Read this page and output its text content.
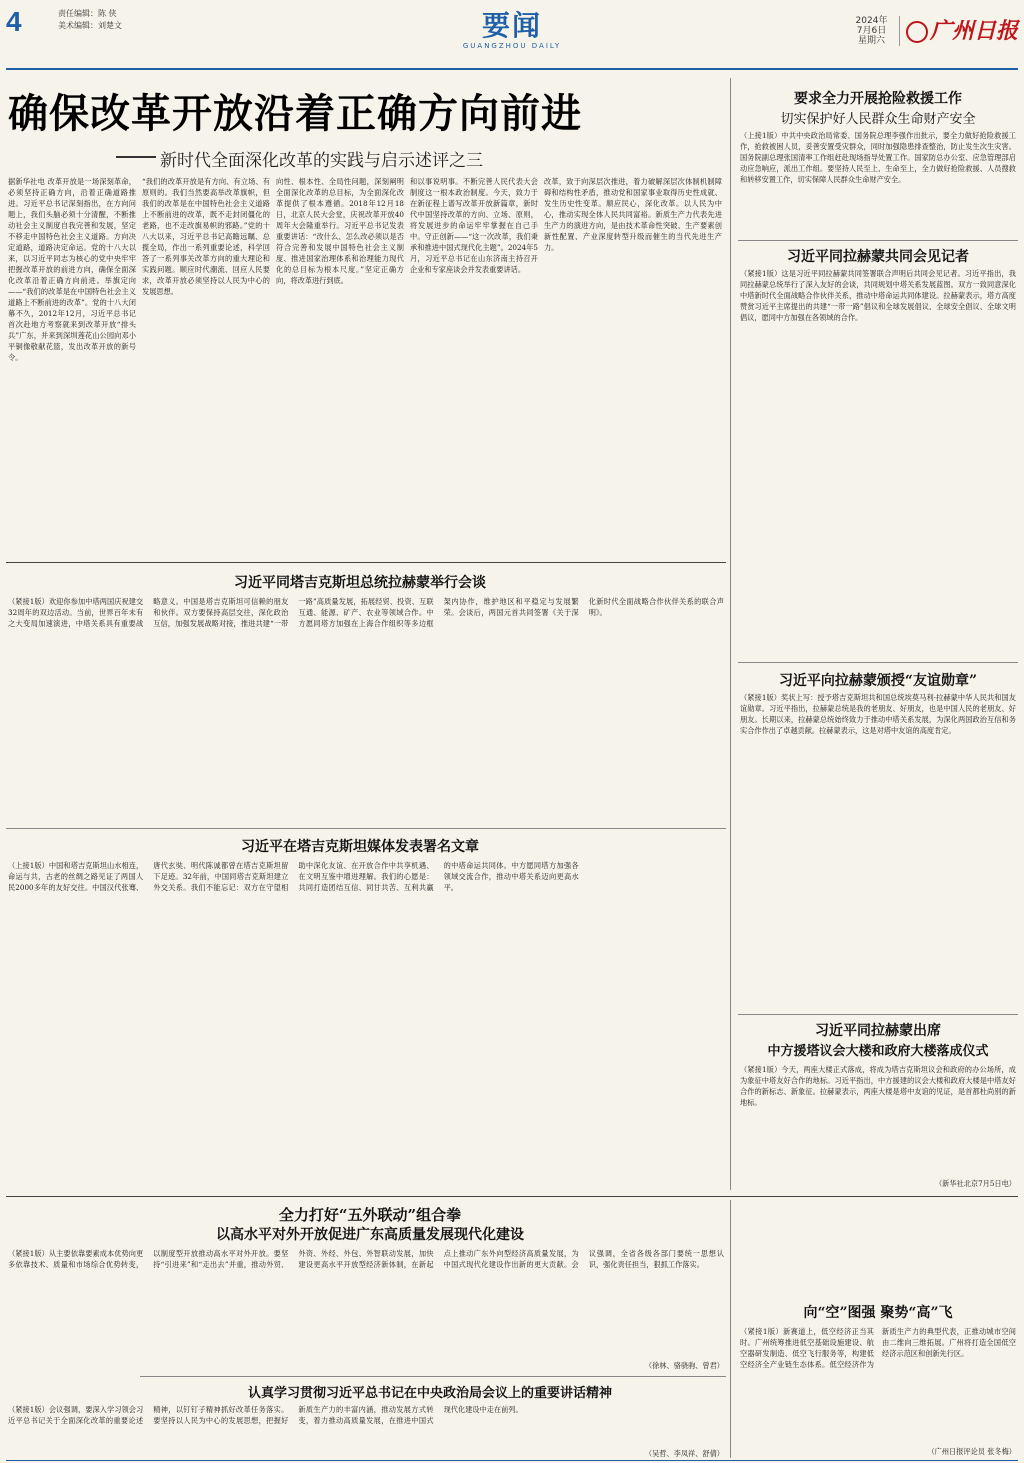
4	责任编辑：陈 侠
美术编辑：刘楚文	要闻
GUANGZHOU DAILY
2024年
7月6日
星期六	广州日报
确保改革开放沿着正确方向前进
新时代全面深化改革的实践与启示述评之三
据新华社电 改革开放是一场深刻革命，必须坚持正确方向，沿着正确道路推进。习近平总书记深刻指出，在方向问题上，我们头脑必须十分清醒，不断推动社会主义制度自我完善和发展，坚定不移走中国特色社会主义道路。方向决定道路，道路决定命运。党的十八大以来，以习近平同志为核心的党中央牢牢把握改革开放的前进方向，确保全面深化改革沿着正确方向前进。举旗定向——“我们的改革是在中国特色社会主义道路上不断前进的改革”。党的十八大闭幕不久，2012年12月，习近平总书记首次赴地方考察就来到改革开放“排头兵”广东，并来到深圳莲花山公园向邓小平铜像敬献花篮，发出改革开放的新号令。
“我们的改革开放是有方向、有立场、有原则的。我们当然要高举改革旗帜，但我们的改革是在中国特色社会主义道路上不断前进的改革，既不走封闭僵化的老路，也不走改旗易帜的邪路。”党的十八大以来，习近平总书记高瞻远瞩、总揽全局，作出一系列重要论述，科学回答了一系列事关改革方向的重大理论和实践问题。顺应时代潮流、回应人民要求，改革开放必须坚持以人民为中心的发展思想。
向性、根本性、全局性问题，深刻阐明全面深化改革的总目标，为全面深化改革提供了根本遵循。2018年12月18日，北京人民大会堂，庆祝改革开放40周年大会隆重举行。习近平总书记发表重要讲话：“改什么、怎么改必须以是否符合完善和发展中国特色社会主义制度、推进国家治理体系和治理能力现代化的总目标为根本尺度。”坚定正确方向，将改革进行到底。
和以事说明事。不断完善人民代表大会制度这一根本政治制度。今天，致力于在新征程上谱写改革开放新篇章，新时代中国坚持改革的方向、立场、原则，将发展进步的命运牢牢掌握在自己手中。守正创新——“这一次改革，我们秉承和推进中国式现代化主题”。2024年5月，习近平总书记在山东济南主持召开企业和专家座谈会并发表重要讲话。
改革，致于向深层次推进，着力破解深层次体制机制障碍和结构性矛盾，推动党和国家事业取得历史性成就、发生历史性变革。顺应民心，深化改革。以人民为中心，推动实现全体人民共同富裕。新质生产力代表先进生产力的演进方向，是由技术革命性突破、生产要素创新性配置、产业深度转型升级而催生的当代先进生产力。
要求全力开展抢险救援工作
切实保护好人民群众生命财产安全
（上接1版）中共中央政治局常委、国务院总理李强作出批示，要全力做好抢险救援工作，抢救被困人员，妥善安置受灾群众，同时加强隐患排查整治，防止发生次生灾害。国务院副总理张国清率工作组赶赴现场指导处置工作。国家防总办公室、应急管理部启动应急响应，派出工作组。要坚持人民至上、生命至上，全力做好抢险救援、人员搜救和转移安置工作，切实保障人民群众生命财产安全。
习近平同拉赫蒙共同会见记者
（紧接1版）这是习近平同拉赫蒙共同签署联合声明后共同会见记者。习近平指出，我同拉赫蒙总统举行了深入友好的会谈，共同规划中塔关系发展蓝图。双方一致同意深化中塔新时代全面战略合作伙伴关系，推动中塔命运共同体建设。拉赫蒙表示，塔方高度赞赏习近平主席提出的共建“一带一路”倡议和全球发展倡议、全球安全倡议、全球文明倡议，愿同中方加强在各领域的合作。
习近平向拉赫蒙颁授“友谊勋章”
（紧接1版）奖状上写：授予塔吉克斯坦共和国总统埃莫马利·拉赫蒙中华人民共和国友谊勋章。习近平指出，拉赫蒙总统是我的老朋友、好朋友，也是中国人民的老朋友、好朋友。长期以来，拉赫蒙总统始终致力于推动中塔关系发展，为深化两国政治互信和务实合作作出了卓越贡献。拉赫蒙表示，这是对塔中友谊的高度肯定。
习近平同拉赫蒙出席
中方援塔议会大楼和政府大楼落成仪式
（紧接1版）今天，两座大楼正式落成，将成为塔吉克斯坦议会和政府的办公场所，成为象征中塔友好合作的地标。习近平指出，中方援建的议会大楼和政府大楼是中塔友好合作的新标志、新象征。拉赫蒙表示，两座大楼是塔中友谊的见证，是首都杜尚别的新地标。
（新华社北京7月5日电）
习近平同塔吉克斯坦总统拉赫蒙举行会谈
（紧接1版）欢迎你参加中塔两国庆祝建交32周年的双边活动。当前，世界百年未有之大变局加速演进，中塔关系具有重要战略意义。中国是塔吉克斯坦可信赖的朋友和伙伴。双方要保持高层交往，深化政治互信，加强发展战略对接，推进共建“一带一路”高质量发展，拓展经贸、投资、互联互通、能源、矿产、农业等领域合作。中方愿同塔方加强在上海合作组织等多边框架内协作，维护地区和平稳定与发展繁荣。会谈后，两国元首共同签署《关于深化新时代全面战略合作伙伴关系的联合声明》。
习近平在塔吉克斯坦媒体发表署名文章
（上接1版）中国和塔吉克斯坦山水相连，命运与共，古老的丝绸之路见证了两国人民2000多年的友好交往。中国汉代张骞、唐代玄奘、明代陈诚都曾在塔吉克斯坦留下足迹。32年前，中国同塔吉克斯坦建立外交关系。我们不能忘记：双方在守望相助中深化友谊、在开放合作中共享机遇、在文明互鉴中增进理解。我们的心愿是：共同打造团结互信、同甘共苦、互利共赢的中塔命运共同体。中方愿同塔方加强各领域交流合作，推动中塔关系迈向更高水平。
全力打好“五外联动”组合拳
以高水平对外开放促进广东高质量发展现代化建设
（紧接1版）从主要依靠要素成本优势向更多依靠技术、质量和市场综合优势转变，以制度型开放推动高水平对外开放。要坚持“引进来”和“走出去”并重，推动外贸、外资、外经、外包、外智联动发展，加快建设更高水平开放型经济新体制，在新起点上推动广东外向型经济高质量发展，为中国式现代化建设作出新的更大贡献。会议强调，全省各级各部门要统一思想认识，强化责任担当，狠抓工作落实。
（徐林、骆骁驹、曾君）
认真学习贯彻习近平总书记在中央政治局会议上的重要讲话精神
（紧接1版）会议强调，要深入学习领会习近平总书记关于全面深化改革的重要论述精神，以钉钉子精神抓好改革任务落实。要坚持以人民为中心的发展思想，把握好新质生产力的丰富内涵，推动发展方式转变，着力推动高质量发展，在推进中国式现代化建设中走在前列。
（吴哲、李凤祥、舒倩）
向“空”图强 聚势“高”飞
（紧接1版）新赛道上，低空经济正当其时。广州统筹推进低空基础设施建设、航空器研发制造、低空飞行服务等，构建低空经济全产业链生态体系。低空经济作为新质生产力的典型代表，正推动城市空间由二维向三维拓展。广州将打造全国低空经济示范区和创新先行区。
（广州日报评论员 张冬梅）
